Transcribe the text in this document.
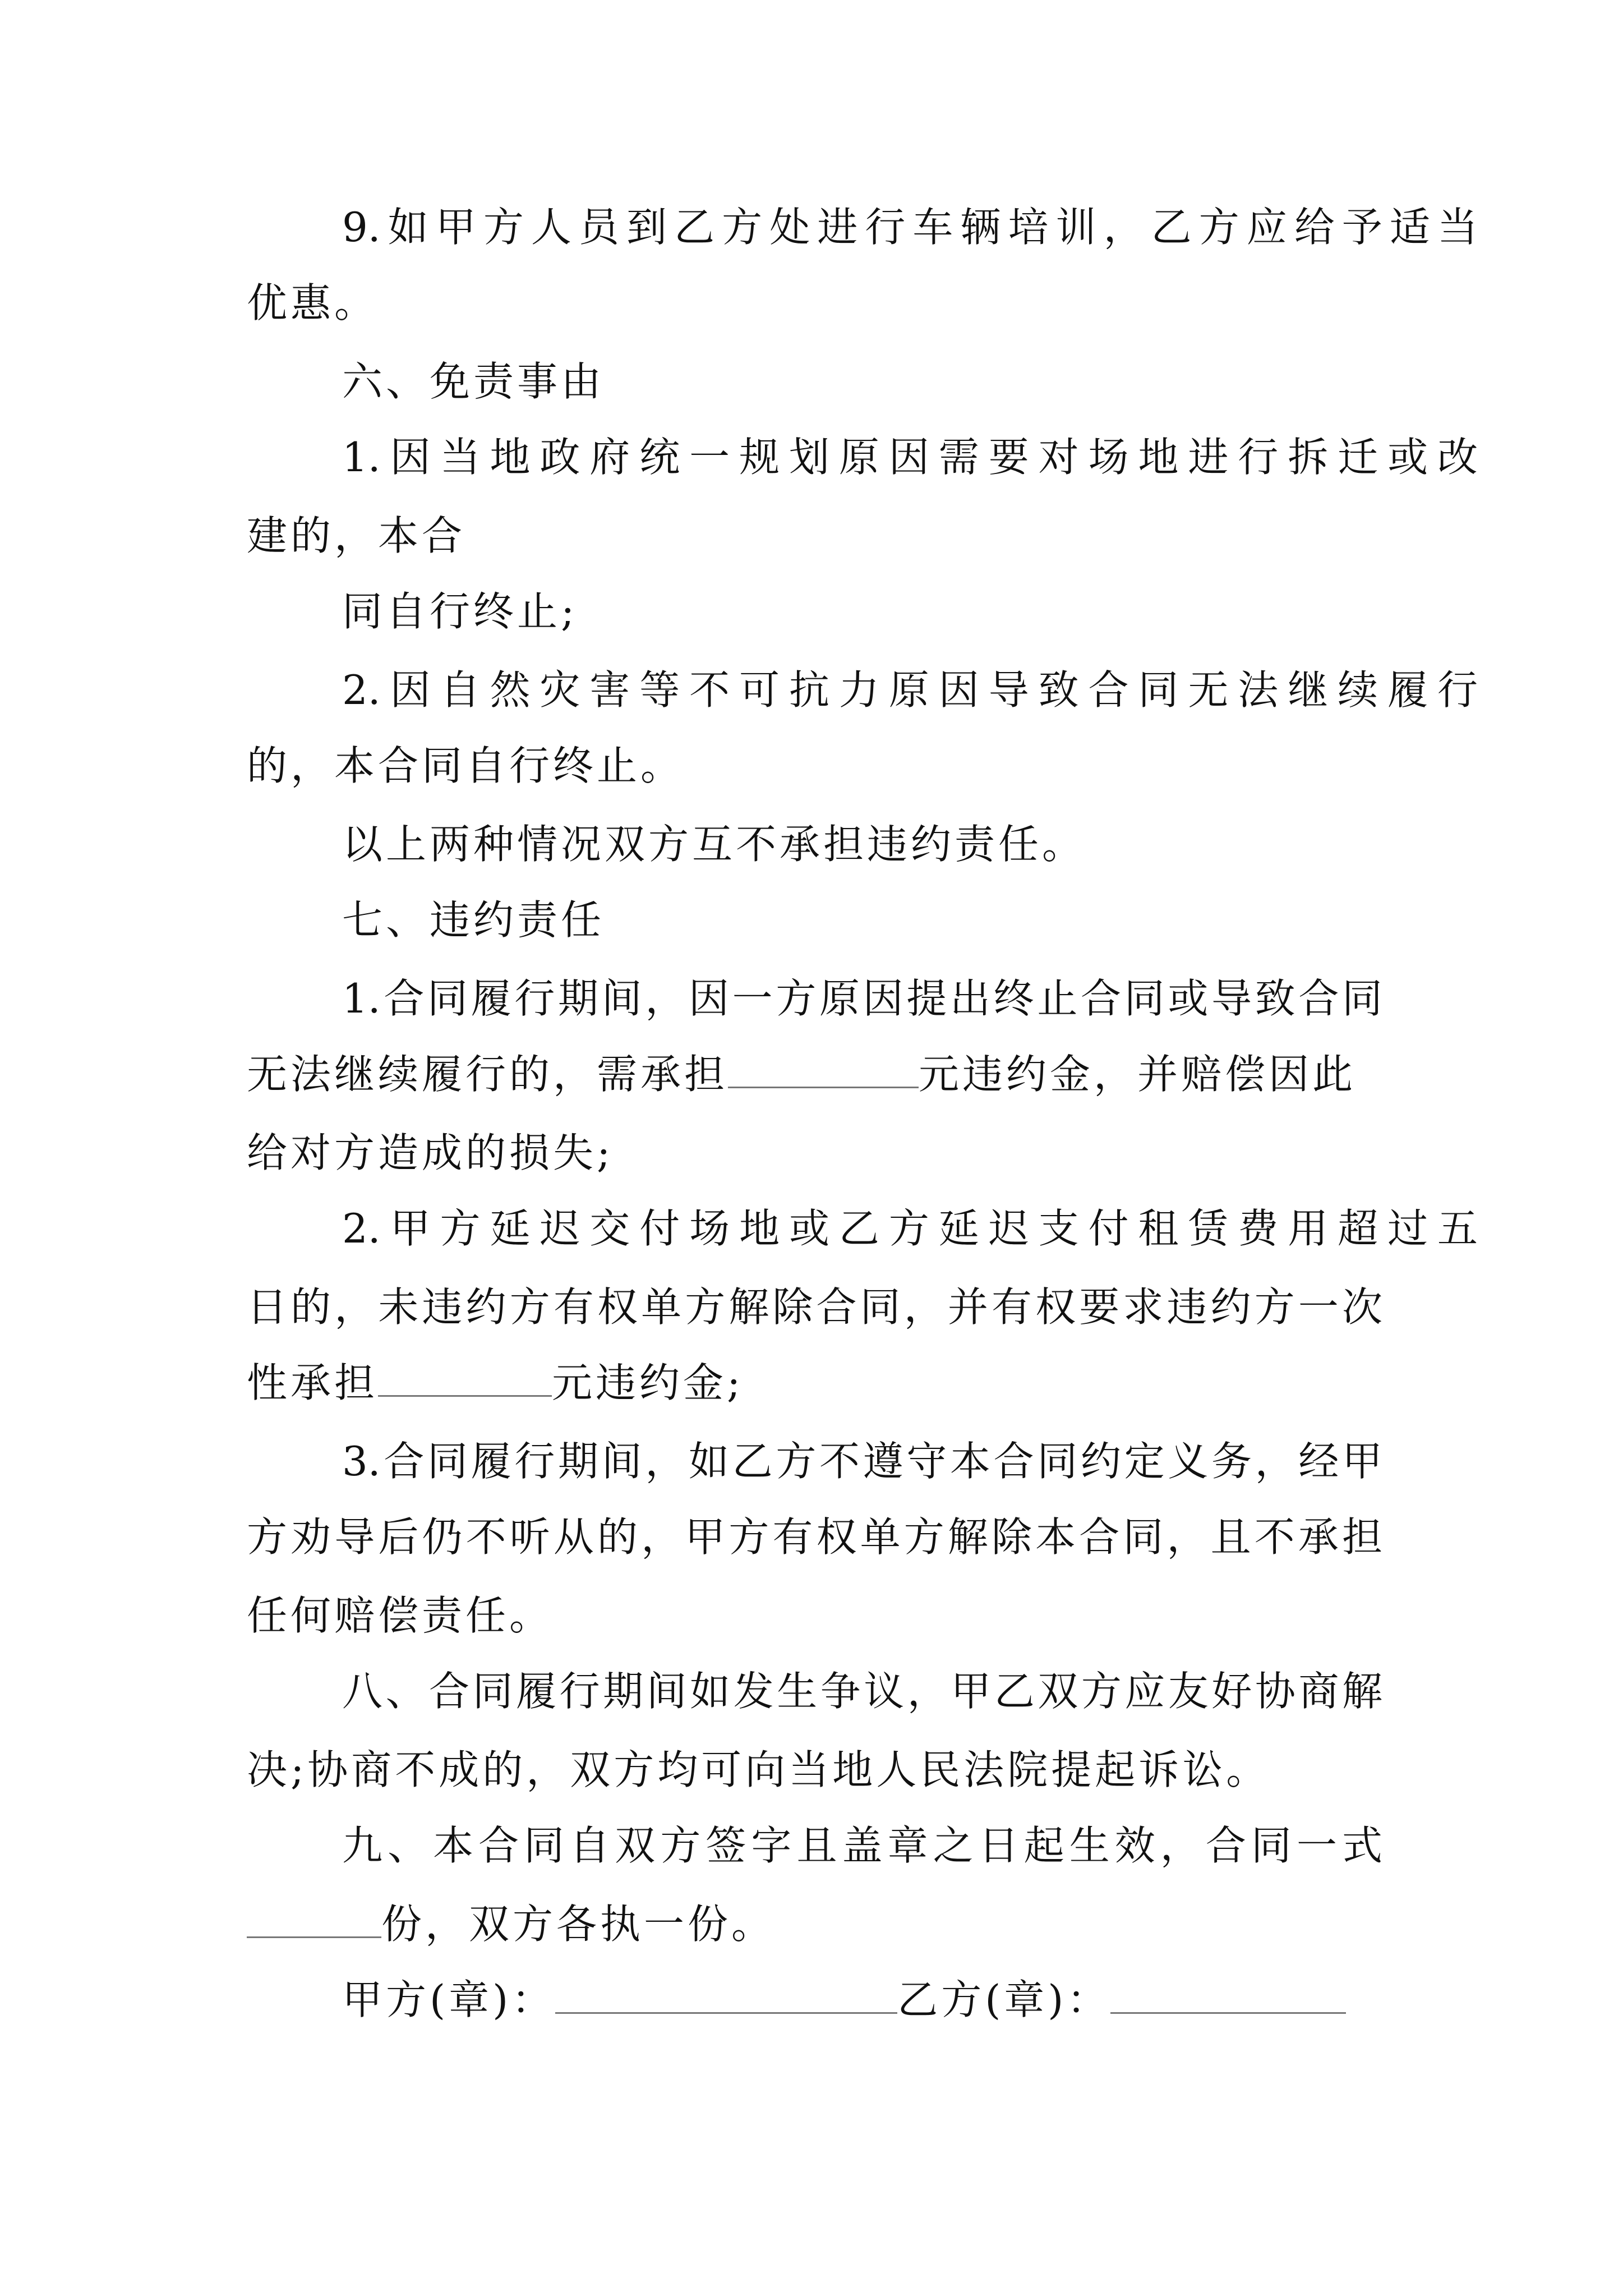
9.如甲方人员到乙方处进行车辆培训，乙方应给予适当
优惠。
六、免责事由
1.因当地政府统一规划原因需要对场地进行拆迁或改
建的，本合
同自行终止;
2.因自然灾害等不可抗力原因导致合同无法继续履行
的，本合同自行终止。
以上两种情况双方互不承担违约责任。
七、违约责任
1.合同履行期间，因一方原因提出终止合同或导致合同
无法继续履行的，需承担	元违约金，并赔偿因此
给对方造成的损失;
2.甲方延迟交付场地或乙方延迟支付租赁费用超过五
日的，未违约方有权单方解除合同，并有权要求违约方一次
性承担	元违约金;
3.合同履行期间，如乙方不遵守本合同约定义务，经甲
方劝导后仍不听从的，甲方有权单方解除本合同，且不承担
任何赔偿责任。
八、合同履行期间如发生争议，甲乙双方应友好协商解
决;协商不成的，双方均可向当地人民法院提起诉讼。
九、本合同自双方签字且盖章之日起生效，合同一式
份，双方各执一份。
甲方(章)：	乙方(章)：
